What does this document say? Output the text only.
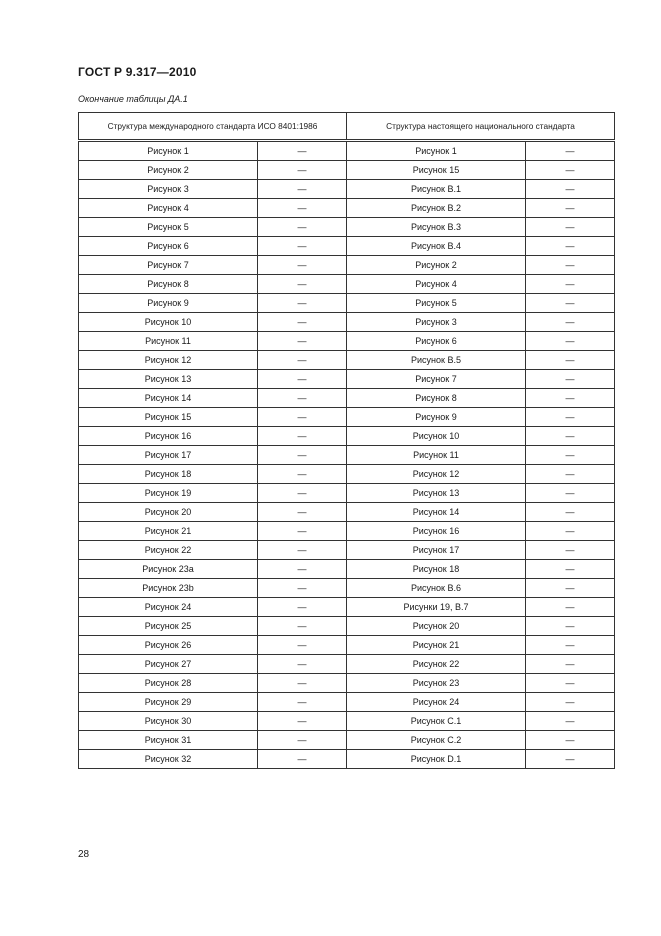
ГОСТ Р 9.317—2010
Окончание таблицы ДА.1
Структура международного стандарта ИСО 8401:1986		Структура настоящего национального стандарта	
Рисунок 1	—	Рисунок 1	—
Рисунок 2	—	Рисунок 15	—
Рисунок 3	—	Рисунок В.1	—
Рисунок 4	—	Рисунок В.2	—
Рисунок 5	—	Рисунок В.3	—
Рисунок 6	—	Рисунок В.4	—
Рисунок 7	—	Рисунок 2	—
Рисунок 8	—	Рисунок 4	—
Рисунок 9	—	Рисунок 5	—
Рисунок 10	—	Рисунок 3	—
Рисунок 11	—	Рисунок 6	—
Рисунок 12	—	Рисунок В.5	—
Рисунок 13	—	Рисунок 7	—
Рисунок 14	—	Рисунок 8	—
Рисунок 15	—	Рисунок 9	—
Рисунок 16	—	Рисунок 10	—
Рисунок 17	—	Рисунок 11	—
Рисунок 18	—	Рисунок 12	—
Рисунок 19	—	Рисунок 13	—
Рисунок 20	—	Рисунок 14	—
Рисунок 21	—	Рисунок 16	—
Рисунок 22	—	Рисунок 17	—
Рисунок 23а	—	Рисунок 18	—
Рисунок 23b	—	Рисунок В.6	—
Рисунок 24	—	Рисунки 19, В.7	—
Рисунок 25	—	Рисунок 20	—
Рисунок 26	—	Рисунок 21	—
Рисунок 27	—	Рисунок 22	—
Рисунок 28	—	Рисунок 23	—
Рисунок 29	—	Рисунок 24	—
Рисунок 30	—	Рисунок С.1	—
Рисунок 31	—	Рисунок С.2	—
Рисунок 32	—	Рисунок D.1	—
28
